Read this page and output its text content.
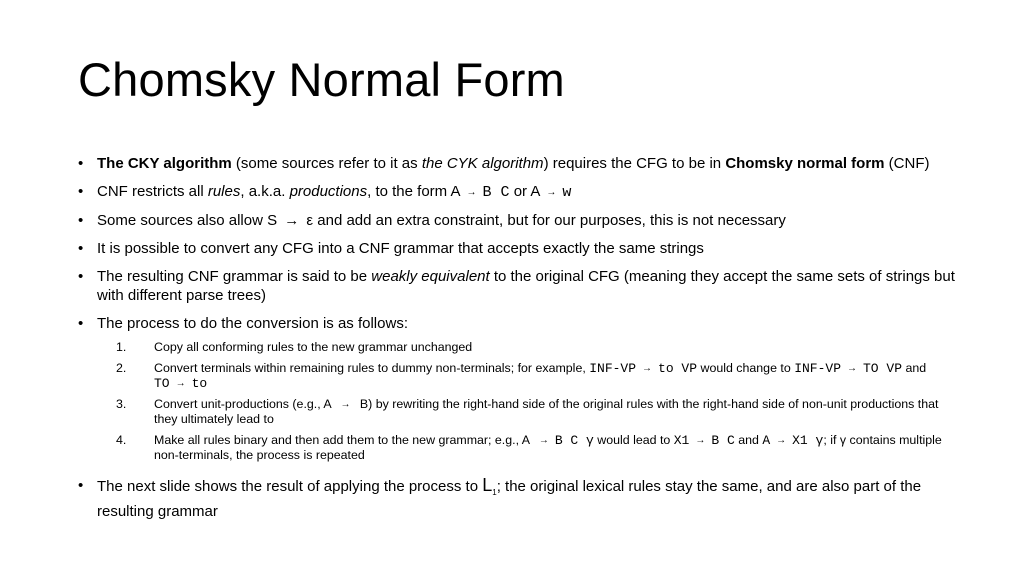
Chomsky Normal Form
• The CKY algorithm (some sources refer to it as the CYK algorithm) requires the CFG to be in Chomsky normal form (CNF)
• CNF restricts all rules, a.k.a. productions, to the form A → B C or A → w
• Some sources also allow S → ε and add an extra constraint, but for our purposes, this is not necessary
• It is possible to convert any CFG into a CNF grammar that accepts exactly the same strings
• The resulting CNF grammar is said to be weakly equivalent to the original CFG (meaning they accept the same sets of strings but with different parse trees)
• The process to do the conversion is as follows:
1. Copy all conforming rules to the new grammar unchanged
2. Convert terminals within remaining rules to dummy non-terminals; for example, INF-VP → to VP would change to INF-VP → TO VP and TO → to
3. Convert unit-productions (e.g., A → B) by rewriting the right-hand side of the original rules with the right-hand side of non-unit productions that they ultimately lead to
4. Make all rules binary and then add them to the new grammar; e.g., A → B C γ would lead to X1 → B C and A → X1 γ; if γ contains multiple non-terminals, the process is repeated
• The next slide shows the result of applying the process to $L_1$; the original lexical rules stay the same, and are also part of the resulting grammar
